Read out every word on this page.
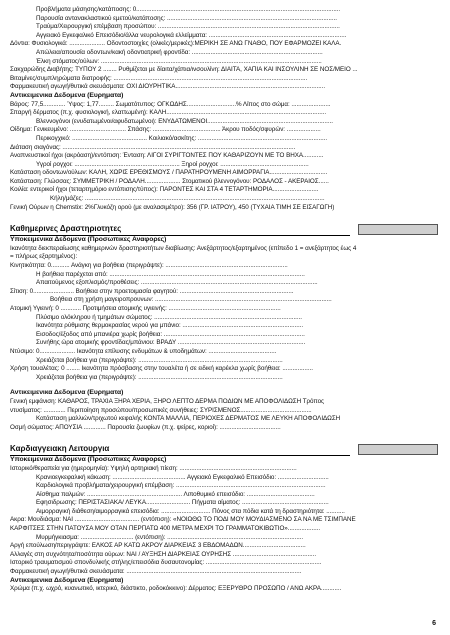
Προβλήματα μάσησης/κατάποσης: 0........................................................................................................................
Παρουσία αντανακλαστικού εμετού/κατάποσης: ....................................................................................................
Τραύμα/Χειρουργική επέμβαση προσώπου: ...........................................................................................................
Αγγειακό Εγκεφαλικό Επεισόδιο/άλλα νευρολογικά ελλείμματα: .................................................................................
Δόντια: Φυσιολογικά: ..................... Οδοντοστοιχίες (ολικές/μερικές):ΜΕΡΙΚΗ ΣΕ ΑΝΩ ΓΝΑΘΟ, ΠΟΥ ΕΦΑΡΜΟΖΕΙ ΚΑΛΑ.
Απώλεια/απουσία οδοντων/κακή οδοντιατρική φροντίδα: .............................................................................
Έλκη στόματος/ούλων: ..................................................................................................................................
Σακχαρώδης Διαβήτης: ΤΥΠΟΥ 2 ........ Ρυθμίζεται με δίαιτα/χάπια/ινσουλίνη: ΔΙΑΙΤΑ, ΧΑΠΙΑ ΚΑΙ ΙΝΣΟΥΛΙΝΗ ΣΕ ΝΟΣ/ΜΕΙΟ ...
Βιταμίνες/συμπληρώματα διατροφής: ..................................................................................................................
Φαρμακευτική αγωγή/θυτικά σκευάσματα: ΟΧΙ ΔΙΟΥΡΗΤΙΚΑ........................................................................................
Αντικειμενικα Δεδομενα (Ευρηματα)
Βάρος: 77,5............. Ύψος: 1,77......... Σωματότυπος: ΟΓΚΩΔΗΣ.............................% Λίπος στο σώμα: .......................
Σπαργή δέρματος (π.χ. φυσιολογική, ελαττωμένη): ΚΑΛΗ..............................................................................................
Βλεννογόνοι (ενυδατωμένοι/αφυδατωμένοι): ΕΝΥΔΑΤΩΜΕΝΟΙ..........................................................................
Οίδημα: Γενικευμένο: ................................. Σπάσης: ........................................ Άκρου ποδός/σφυρών: ....................
Περικογχικό: ............................................ Κοιλιακό/ασκίτης: ............................................................................
Διάταση σιαγόνας: .........................................................................................................................................
Αναπνευστικοί ήχοι (ακρόαση)/εντόπιση: Ένταση: ΛΙΓΟΙ ΣΥΡΙΓΤΟΝΤΕΣ ΠΟΥ ΚΑΘΑΡΙΖΟΥΝ ΜΕ ΤΟ ΒΗΧΑ............
Υγροί ρογχοι: .............................................................. Ξηροί ρογχοι: ....................................................
Κατάσταση οδοντων/ούλων: ΚΑΛΗ, ΧΩΡΙΣ ΕΡΕΘΙΣΜΟΥΣ / ΠΑΡΑΤΗΡΟΥΜΕΝΗ ΑΙΜΟΡΡΑΓΙΑ..................................
Κατάσταση: Γλώσσας: ΣΥΜΜΕΤΡΙΚΗ / ΡΟΔΑΛΗ..................... Στοματικού βλεννογόνου: ΡΟΔΑΛΟΣ - ΑΚΕΡΑΙΟΣ......
Κοιλία: εντερικοί ήχοι (τεταρτημόριο εντόπισης/τύπος): ΠΑΡΟΝΤΕΣ ΚΑΙ ΣΤΑ 4 ΤΕΤΑΡΤΗΜΟΡΙΑ...........................
Κήλη/μάζες: .............................................................................................................................................
Γενική Ούρων η Chemstix: 2%Γλυκόζη ορού (με αναλασιμέτρο): 356 (ΓΡ. ΙΑΤΡΟΥ), 450 (ΤΥΧΑΙΑ ΤΙΜΗ ΣΕ ΕΙΣΑΓΩΓΗ)
Καθημερινες Δραστηριοτητες
Υποκειμενικα Δεδομενα (Προσωπικες Αναφορες)
Ικανότητα διεκπεραίωσης καθημερινών δραστηριοτήτων διαβίωσης: Ανεξάρτητος/εξαρτημένος (επίπεδο 1 = ανεξάρτητος έως 4
= πλήρως εξαρτημένος):
Κινητικότητα: 0........... Ανάγκη για βοήθεια (περιγράψτε): ........................................................................
Η βοήθεια παρέχεται από: ...................................................................................................................
Απαιτούμενος εξοπλισμός/προθέσεις: ........................................................................................................
Σίτιση: 0........................ Βοήθεια στην προετοιμασία φαγητού: ...................................................................
Βοήθεια στη χρήση μαγειροπρουνων: ........................................................................................................
Ατομική Υγιεινή: 0 ............ Προτιμήσεια ατομικής υγιεινής: ..................................................................
Πλύσιμο ολόκληρου ή τμημάτων σώματος: .......................................................................................
Ικανότητα ρύθμισης θερμοκρασίας νερού για μπάνιο: .......................................................................
Εισοδος/έξοδος από μπανιέρα χωρίς βοήθεια: ...................................................................................
Συνήθης ώρα ατομικής φροντίδας/μπάνιου: ΒΡΑΔΥ ...........................................................................
Ντύσιμο: 0..................... Ικανότητα επίλυσης ενδυμάτων & υποδημάτων: ........................................
Χρειάζεται βοήθεια για (περιγράψτε): .....................................................................................
Χρήση τουαλέτας: 0 ........ Ικανότητα πρόσβασης στην τουαλέτα ή σε ειδική καρέκλα χωρίς βοήθεια: ..................
Χρειάζεται βοήθεια για (περιγράψτε): .....................................................................................
Αντικειμενικα Δεδομενα (Ευρηματα)
Γενική εμφάνιση: ΚΑΘΑΡΟΣ, ΤΡΑΧΙΑ ΞΗΡΑ ΧΕΡΙΑ, ΞΗΡΟ ΛΕΠΤΟ ΔΕΡΜΑ ΠΟΔΙΩΝ ΜΕ ΑΠΟΦΟΛΙΔΩΣΗ Τρόπος
ντυσίματος: ............. Περιποίηση προσώπου/προσωπικές συνήθειες: ΣΥΡΙΣΜΕΝΟΣ..........................................
Κατάσταση μαλλιών/τριχωτού κεφαλής ΚΟΝΤΑ ΜΑΛΛΙΑ, ΠΕΡΙΟΧΕΣ ΔΕΡΜΑΤΟΣ ΜΕ ΛΕΥΚΗ ΑΠΟΦΟΛΙΔΩΣΗ
Οσμή σώματος: ΑΠΟΥΣΙΑ ............. Παρουσία ζωυφίων (π.χ. ψείρες, κοριοί): ....................................
Καρδιαγγειακη Λειτουργια
Υποκειμενικα Δεδομενα (Προσωπικες Αναφορες)
Ιστορικό/θεραπεία για (ημερομηνία): Υψηλή αρτηριακή πίεση: .....................................................................
Κρανιοεγκεφαλική κάκωση: ........................................... Αγγειακό Εγκεφαλικό Επεισόδιο: ..............................
Καρδιολογικά προβλήματα/χειρουργική επέμβαση: ........................................................................................
Αίσθημα παλμών: ........................................................ Λιποθυμικό επεισόδιο: ........................................
Εφησιδρωσης: ΠΕΡΙΣΤΑΣΙΑΚΑ/ ΛΕΥΚΑ.......................... Πήγματα αίματος: ...................................................
Αιμορραγική διάθεση/αιμορραγικά επεισόδια: ............................. Πόνος στα πόδια κατά τη δραστηριότητα: ...........
Ακρα: Μουδιάσμα: ΝΑΙ ...................................... (εντόπιση): «ΝΟΙΩΘΩ ΤΟ ΠΟΔΙ ΜΟΥ ΜΟΥΔΙΑΣΜΕΝΟ ΣΑ ΝΑ ΜΕ ΤΣΙΜΠΑΝΕ
ΚΑΡΦΙΤΣΕΣ ΣΤΗΝ ΠΑΤΟΥΣΑ ΜΟΥ ΟΤΑΝ ΠΕΡΠΑΤΩ 400 ΜΕΤΡΑ ΜΕΧΡΙ ΤΟ ΓΡΑΜΜΑΤΟΚΙΒΩΤΙΟ»...................
Μυρμήγκιασμα: ............................... (εντόπιση): ................................................................................
Αργή επούλωση/περιγράψτε: ΕΛΚΟΣ ΑΡ ΚΑΤΩ ΑΚΡΟΥ ΔΙΑΡΚΕΙΑΣ 3 ΕΒΔΟΜΑΔΩΝ.....................................
Αλλαγές στη συχνότητα/ποσότητα ούρων: ΝΑΙ / ΑΥΞΗΣΗ ΔΙΑΡΚΕΙΑΣ ΟΥΡΗΣΗΣ .................................................
Ιστορικό τραυματισμού σπονδυλικής στήλης/επεισόδια δυσαυτονομίας: ....................................................................
Φαρμακευτική αγωγή/θυτικά σκευάσματα: .......................................................................................................
Αντικειμενικα Δεδομενα (Ευρηματα)
Χρώμα (π.χ. ωχρό, κυανωτικό, ικτερικό, διάστικτο, ροδοκόκκινο): Δέρματος: ΕΞΕΡΥΘΡΟ ΠΡΟΣΩΠΟ / ΑΝΩ ΑΚΡΑ............
6
